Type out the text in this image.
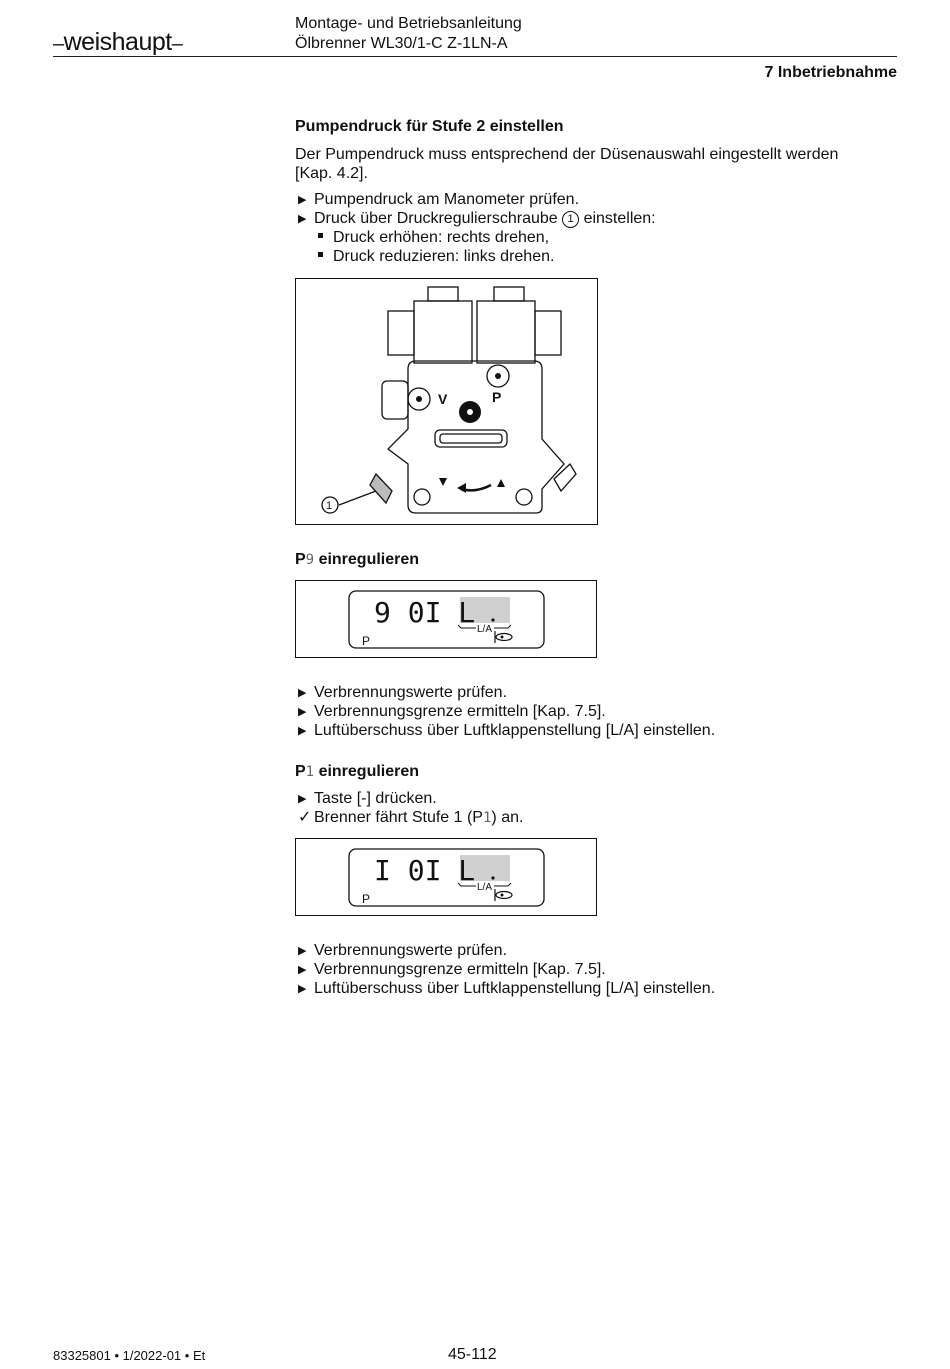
–weishaupt–
Montage- und Betriebsanleitung
Ölbrenner WL30/1-C Z-1LN-A
7 Inbetriebnahme
Pumpendruck für Stufe 2 einstellen
Der Pumpendruck muss entsprechend der Düsenauswahl eingestellt werden [Kap. 4.2].
▶ Pumpendruck am Manometer prüfen.
▶ Druck über Druckregulierschraube 1 einstellen:
Druck erhöhen: rechts drehen,
Druck reduzieren: links drehen.
V	P
1
P9 einregulieren
9 0I L
L/A
P
▶ Verbrennungswerte prüfen.
▶ Verbrennungsgrenze ermitteln [Kap. 7.5].
▶ Luftüberschuss über Luftklappenstellung [L/A] einstellen.
P1 einregulieren
▶ Taste [-] drücken.
✓ Brenner fährt Stufe 1 (P1) an.
I 0I L
L/A
P
▶ Verbrennungswerte prüfen.
▶ Verbrennungsgrenze ermitteln [Kap. 7.5].
▶ Luftüberschuss über Luftklappenstellung [L/A] einstellen.
83325801 • 1/2022-01 • Et	45-112
